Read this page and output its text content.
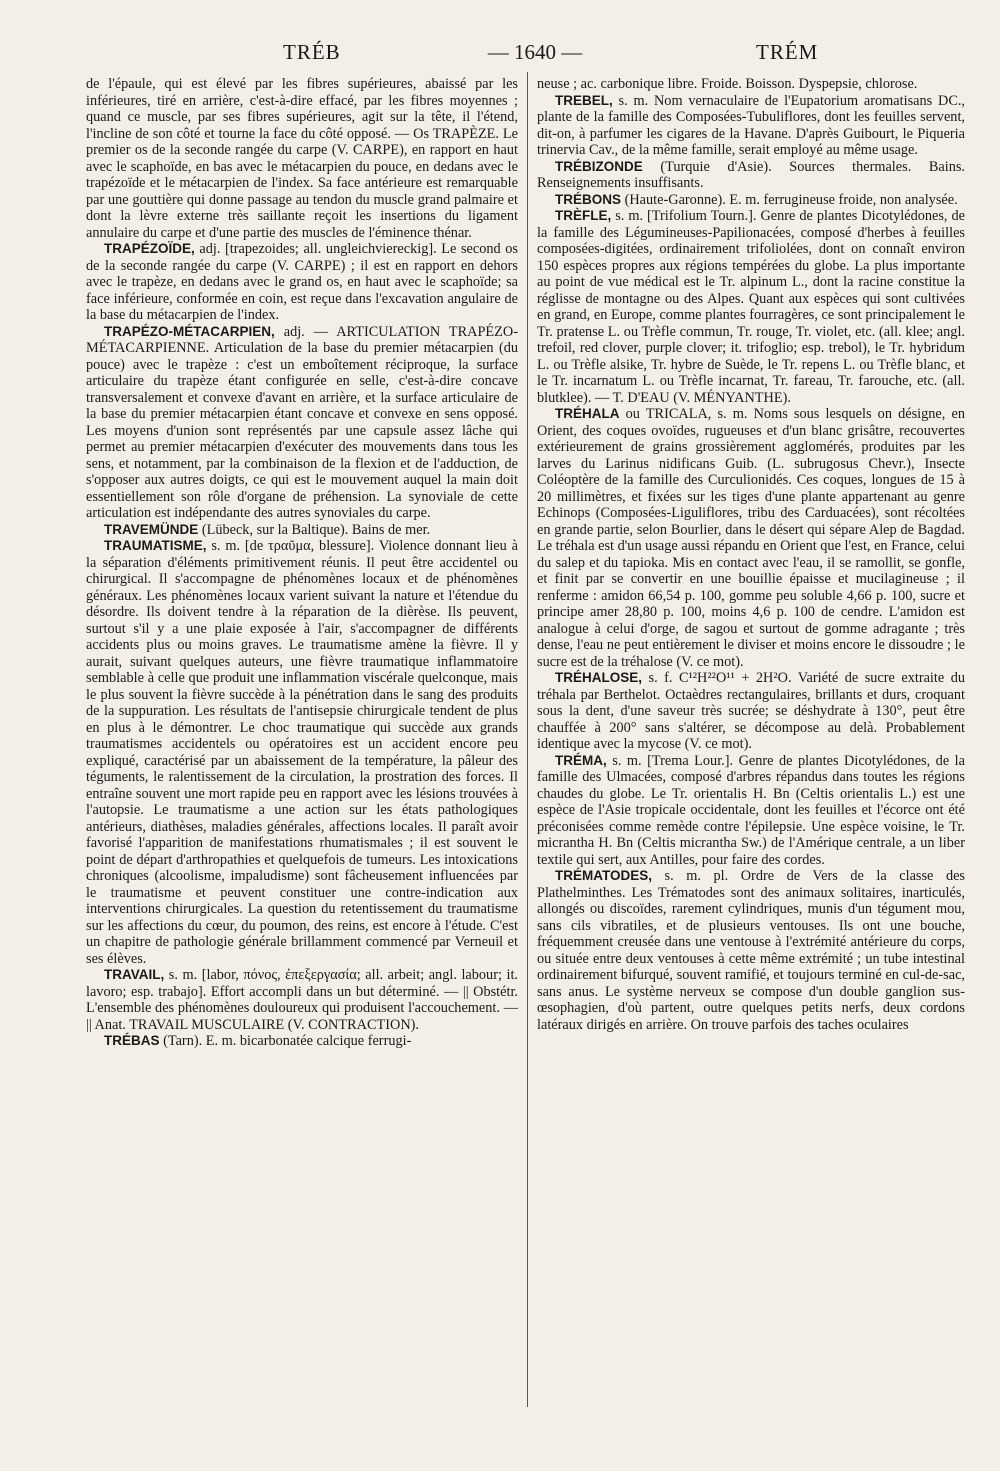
TRÉB	— 1640 —	TRÉM

de l'épaule, qui est élevé par les fibres supérieures, abaissé par les inférieures, tiré en arrière, c'est-à-dire effacé, par les fibres moyennes ; quand ce muscle, par ses fibres supérieures, agit sur la tête, il l'étend, l'incline de son côté et tourne la face du côté opposé. — Os TRAPÈZE. Le premier os de la seconde rangée du carpe (V. CARPE), en rapport en haut avec le scaphoïde, en bas avec le métacarpien du pouce, en dedans avec le trapézoïde et le métacarpien de l'index. Sa face antérieure est remarquable par une gouttière qui donne passage au tendon du muscle grand palmaire et dont la lèvre externe très saillante reçoit les insertions du ligament annulaire du carpe et d'une partie des muscles de l'éminence thénar.

TRAPÉZOÏDE, adj. [trapezoides; all. ungleichviereckig]. Le second os de la seconde rangée du carpe (V. CARPE) ; il est en rapport en dehors avec le trapèze, en dedans avec le grand os, en haut avec le scaphoïde; sa face inférieure, conformée en coin, est reçue dans l'excavation angulaire de la base du métacarpien de l'index.

TRAPÉZO-MÉTACARPIEN, adj. — ARTICULATION TRAPÉZO-MÉTACARPIENNE. Articulation de la base du premier métacarpien (du pouce) avec le trapèze : c'est un emboîtement réciproque, la surface articulaire du trapèze étant configurée en selle, c'est-à-dire concave transversalement et convexe d'avant en arrière, et la surface articulaire de la base du premier métacarpien étant concave et convexe en sens opposé. Les moyens d'union sont représentés par une capsule assez lâche qui permet au premier métacarpien d'exécuter des mouvements dans tous les sens, et notamment, par la combinaison de la flexion et de l'adduction, de s'opposer aux autres doigts, ce qui est le mouvement auquel la main doit essentiellement son rôle d'organe de préhension. La synoviale de cette articulation est indépendante des autres synoviales du carpe.

TRAVEMÜNDE (Lübeck, sur la Baltique). Bains de mer.

TRAUMATISME, s. m. [de τραῦμα, blessure]. Violence donnant lieu à la séparation d'éléments primitivement réunis. Il peut être accidentel ou chirurgical. Il s'accompagne de phénomènes locaux et de phénomènes généraux. Les phénomènes locaux varient suivant la nature et l'étendue du désordre. Ils doivent tendre à la réparation de la dièrèse. Ils peuvent, surtout s'il y a une plaie exposée à l'air, s'accompagner de différents accidents plus ou moins graves. Le traumatisme amène la fièvre. Il y aurait, suivant quelques auteurs, une fièvre traumatique inflammatoire semblable à celle que produit une inflammation viscérale quelconque, mais le plus souvent la fièvre succède à la pénétration dans le sang des produits de la suppuration. Les résultats de l'antisepsie chirurgicale tendent de plus en plus à le démontrer. Le choc traumatique qui succède aux grands traumatismes accidentels ou opératoires est un accident encore peu expliqué, caractérisé par un abaissement de la température, la pâleur des téguments, le ralentissement de la circulation, la prostration des forces. Il entraîne souvent une mort rapide peu en rapport avec les lésions trouvées à l'autopsie. Le traumatisme a une action sur les états pathologiques antérieurs, diathèses, maladies générales, affections locales. Il paraît avoir favorisé l'apparition de manifestations rhumatismales ; il est souvent le point de départ d'arthropathies et quelquefois de tumeurs. Les intoxications chroniques (alcoolisme, impaludisme) sont fâcheusement influencées par le traumatisme et peuvent constituer une contre-indication aux interventions chirurgicales. La question du retentissement du traumatisme sur les affections du cœur, du poumon, des reins, est encore à l'étude. C'est un chapitre de pathologie générale brillamment commencé par Verneuil et ses élèves.

TRAVAIL, s. m. [labor, πόνος, ἐπεξεργασία; all. arbeit; angl. labour; it. lavoro; esp. trabajo]. Effort accompli dans un but déterminé. — || Obstétr. L'ensemble des phénomènes douloureux qui produisent l'accouchement. — || Anat. TRAVAIL MUSCULAIRE (V. CONTRACTION).

TRÉBAS (Tarn). E. m. bicarbonatée calcique ferrugi-

neuse ; ac. carbonique libre. Froide. Boisson. Dyspepsie, chlorose.

TREBEL, s. m. Nom vernaculaire de l'Eupatorium aromatisans DC., plante de la famille des Composées-Tubuliflores, dont les feuilles servent, dit-on, à parfumer les cigares de la Havane. D'après Guibourt, le Piqueria trinervia Cav., de la même famille, serait employé au même usage.

TRÉBIZONDE (Turquie d'Asie). Sources thermales. Bains. Renseignements insuffisants.

TRÉBONS (Haute-Garonne). E. m. ferrugineuse froide, non analysée.

TRÈFLE, s. m. [Trifolium Tourn.]. Genre de plantes Dicotylédones, de la famille des Légumineuses-Papilionacées, composé d'herbes à feuilles composées-digitées, ordinairement trifoliolées, dont on connaît environ 150 espèces propres aux régions tempérées du globe. La plus importante au point de vue médical est le Tr. alpinum L., dont la racine constitue la réglisse de montagne ou des Alpes. Quant aux espèces qui sont cultivées en grand, en Europe, comme plantes fourragères, ce sont principalement le Tr. pratense L. ou Trèfle commun, Tr. rouge, Tr. violet, etc. (all. klee; angl. trefoil, red clover, purple clover; it. trifoglio; esp. trebol), le Tr. hybridum L. ou Trèfle alsike, Tr. hybre de Suède, le Tr. repens L. ou Trèfle blanc, et le Tr. incarnatum L. ou Trèfle incarnat, Tr. fareau, Tr. farouche, etc. (all. blutklee). — T. D'EAU (V. MÉNYANTHE).

TRÉHALA ou TRICALA, s. m. Noms sous lesquels on désigne, en Orient, des coques ovoïdes, rugueuses et d'un blanc grisâtre, recouvertes extérieurement de grains grossièrement agglomérés, produites par les larves du Larinus nidificans Guib. (L. subrugosus Chevr.), Insecte Coléoptère de la famille des Curculionidés. Ces coques, longues de 15 à 20 millimètres, et fixées sur les tiges d'une plante appartenant au genre Echinops (Composées-Liguliflores, tribu des Carduacées), sont récoltées en grande partie, selon Bourlier, dans le désert qui sépare Alep de Bagdad. Le tréhala est d'un usage aussi répandu en Orient que l'est, en France, celui du salep et du tapioka. Mis en contact avec l'eau, il se ramollit, se gonfle, et finit par se convertir en une bouillie épaisse et mucilagineuse ; il renferme : amidon 66,54 p. 100, gomme peu soluble 4,66 p. 100, sucre et principe amer 28,80 p. 100, moins 4,6 p. 100 de cendre. L'amidon est analogue à celui d'orge, de sagou et surtout de gomme adragante ; très dense, l'eau ne peut entièrement le diviser et moins encore le dissoudre ; le sucre est de la tréhalose (V. ce mot).

TRÉHALOSE, s. f. C¹²H²²O¹¹ + 2H²O. Variété de sucre extraite du tréhala par Berthelot. Octaèdres rectangulaires, brillants et durs, croquant sous la dent, d'une saveur très sucrée; se déshydrate à 130°, peut être chauffée à 200° sans s'altérer, se décompose au delà. Probablement identique avec la mycose (V. ce mot).

TRÉMA, s. m. [Trema Lour.]. Genre de plantes Dicotylédones, de la famille des Ulmacées, composé d'arbres répandus dans toutes les régions chaudes du globe. Le Tr. orientalis H. Bn (Celtis orientalis L.) est une espèce de l'Asie tropicale occidentale, dont les feuilles et l'écorce ont été préconisées comme remède contre l'épilepsie. Une espèce voisine, le Tr. micrantha H. Bn (Celtis micrantha Sw.) de l'Amérique centrale, a un liber textile qui sert, aux Antilles, pour faire des cordes.

TRÉMATODES, s. m. pl. Ordre de Vers de la classe des Plathelminthes. Les Trématodes sont des animaux solitaires, inarticulés, allongés ou discoïdes, rarement cylindriques, munis d'un tégument mou, sans cils vibratiles, et de plusieurs ventouses. Ils ont une bouche, fréquemment creusée dans une ventouse à l'extrémité antérieure du corps, ou située entre deux ventouses à cette même extrémité ; un tube intestinal ordinairement bifurqué, souvent ramifié, et toujours terminé en cul-de-sac, sans anus. Le système nerveux se compose d'un double ganglion sus-œsophagien, d'où partent, outre quelques petits nerfs, deux cordons latéraux dirigés en arrière. On trouve parfois des taches oculaires
